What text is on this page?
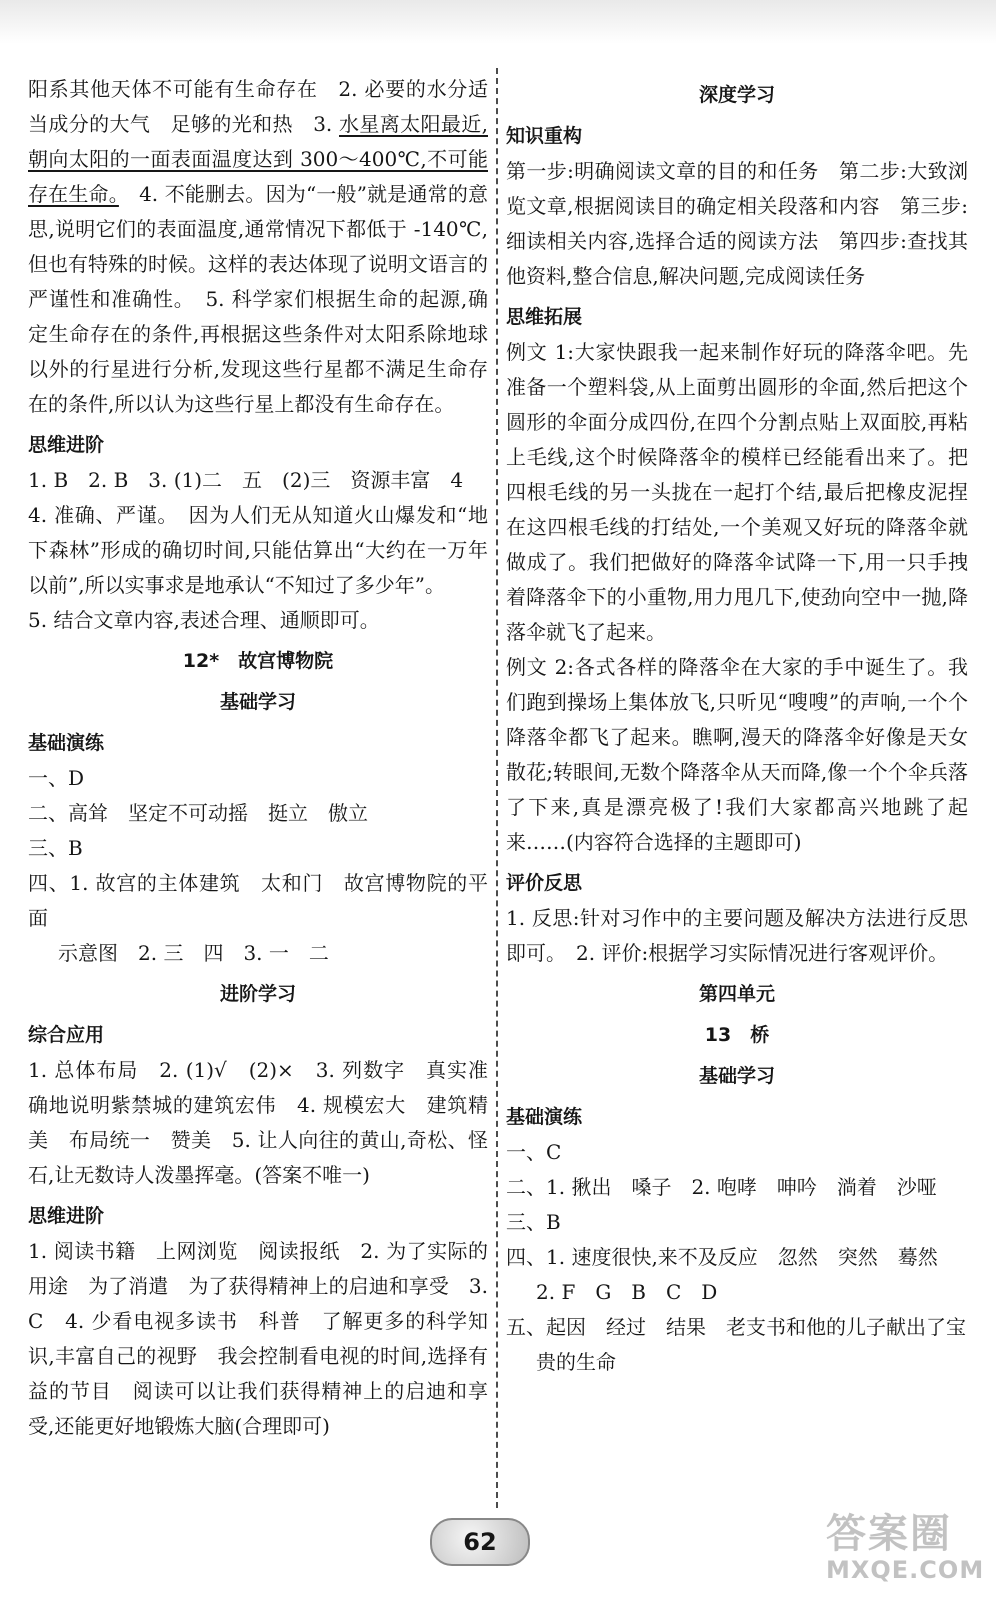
阳系其他天体不可能有生命存在　2. 必要的水分适当成分的大气　足够的光和热　3. 水星离太阳最近,朝向太阳的一面表面温度达到 300～400℃,不可能存在生命。　4. 不能删去。因为“一般”就是通常的意思,说明它们的表面温度,通常情况下都低于 -140℃,但也有特殊的时候。这样的表达体现了说明文语言的严谨性和准确性。　5. 科学家们根据生命的起源,确定生命存在的条件,再根据这些条件对太阳系除地球以外的行星进行分析,发现这些行星都不满足生命存在的条件,所以认为这些行星上都没有生命存在。

思维进阶

1. B　2. B　3. (1)二　五　(2)三　资源丰富　4

4. 准确、严谨。　因为人们无从知道火山爆发和“地下森林”形成的确切时间,只能估算出“大约在一万年以前”,所以实事求是地承认“不知过了多少年”。

5. 结合文章内容,表述合理、通顺即可。

12*　故宫博物院

基础学习

基础演练

一、D

二、高耸　坚定不可动摇　挺立　傲立

三、B

四、1. 故宫的主体建筑　太和门　故宫博物院的平面

示意图　2. 三　四　3. 一　二

进阶学习

综合应用

1. 总体布局　2. (1)√　(2)×　3. 列数字　真实准确地说明紫禁城的建筑宏伟　4. 规模宏大　建筑精美　布局统一　赞美　5. 让人向往的黄山,奇松、怪石,让无数诗人泼墨挥毫。(答案不唯一)

思维进阶

1. 阅读书籍　上网浏览　阅读报纸　2. 为了实际的用途　为了消遣　为了获得精神上的启迪和享受　3. C　4. 少看电视多读书　科普　了解更多的科学知识,丰富自己的视野　我会控制看电视的时间,选择有益的节目　阅读可以让我们获得精神上的启迪和享受,还能更好地锻炼大脑(合理即可)

深度学习

知识重构

第一步:明确阅读文章的目的和任务　第二步:大致浏览文章,根据阅读目的确定相关段落和内容　第三步:细读相关内容,选择合适的阅读方法　第四步:查找其他资料,整合信息,解决问题,完成阅读任务

思维拓展

例文 1:大家快跟我一起来制作好玩的降落伞吧。先准备一个塑料袋,从上面剪出圆形的伞面,然后把这个圆形的伞面分成四份,在四个分割点贴上双面胶,再粘上毛线,这个时候降落伞的模样已经能看出来了。把四根毛线的另一头拢在一起打个结,最后把橡皮泥捏在这四根毛线的打结处,一个美观又好玩的降落伞就做成了。我们把做好的降落伞试降一下,用一只手拽着降落伞下的小重物,用力甩几下,使劲向空中一抛,降落伞就飞了起来。

例文 2:各式各样的降落伞在大家的手中诞生了。我们跑到操场上集体放飞,只听见“嗖嗖”的声响,一个个降落伞都飞了起来。瞧啊,漫天的降落伞好像是天女散花;转眼间,无数个降落伞从天而降,像一个个伞兵落了下来,真是漂亮极了!我们大家都高兴地跳了起来……(内容符合选择的主题即可)

评价反思

1. 反思:针对习作中的主要问题及解决方法进行反思即可。　2. 评价:根据学习实际情况进行客观评价。

第四单元

13　桥

基础学习

基础演练

一、C

二、1. 揪出　嗓子　2. 咆哮　呻吟　淌着　沙哑

三、B

四、1. 速度很快,来不及反应　忽然　突然　蓦然

2. F　G　B　C　D

五、起因　经过　结果　老支书和他的儿子献出了宝

贵的生命

62	答案圈
MXQE.COM
